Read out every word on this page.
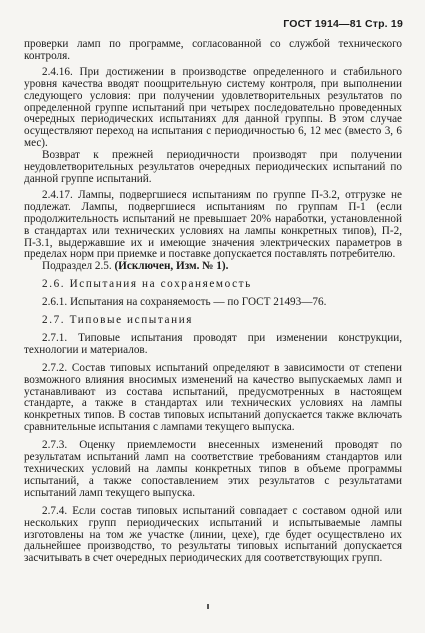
ГОСТ 1914—81 Стр. 19

проверки ламп по программе, согласованной со службой технического контроля.

2.4.16. При достижении в производстве определенного и стабильного уровня качества вводят поощрительную систему контроля, при выполнении следующего условия: при получении удовлетворительных результатов по определенной группе испытаний при четырех последовательно проведенных очередных периодических испытаниях для данной группы. В этом случае осуществляют переход на испытания с периодичностью 6, 12 мес (вместо 3, 6 мес).

Возврат к прежней периодичности производят при получении неудовлетворительных результатов очередных периодических испытаний по данной группе испытаний.

2.4.17. Лампы, подвергшиеся испытаниям по группе П-3.2, отгрузке не подлежат. Лампы, подвергшиеся испытаниям по группам П-1 (если продолжительность испытаний не превышает 20% наработки, установленной в стандартах или технических условиях на лампы конкретных типов), П-2, П-3.1, выдержавшие их и имеющие значения электрических параметров в пределах норм при приемке и поставке допускается поставлять потребителю.

Подраздел 2.5. (Исключен, Изм. № 1).

2.6. Испытания на сохраняемость

2.6.1. Испытания на сохраняемость — по ГОСТ 21493—76.

2.7. Типовые испытания

2.7.1. Типовые испытания проводят при изменении конструкции, технологии и материалов.

2.7.2. Состав типовых испытаний определяют в зависимости от степени возможного влияния вносимых изменений на качество выпускаемых ламп и устанавливают из состава испытаний, предусмотренных в настоящем стандарте, а также в стандартах или технических условиях на лампы конкретных типов. В состав типовых испытаний допускается также включать сравнительные испытания с лампами текущего выпуска.

2.7.3. Оценку приемлемости внесенных изменений проводят по результатам испытаний ламп на соответствие требованиям стандартов или технических условий на лампы конкретных типов в объеме программы испытаний, а также сопоставлением этих результатов с результатами испытаний ламп текущего выпуска.

2.7.4. Если состав типовых испытаний совпадает с составом одной или нескольких групп периодических испытаний и испытываемые лампы изготовлены на том же участке (линии, цехе), где будет осуществлено их дальнейшее производство, то результаты типовых испытаний допускается засчитывать в счет очередных периодических для соответствующих групп.
